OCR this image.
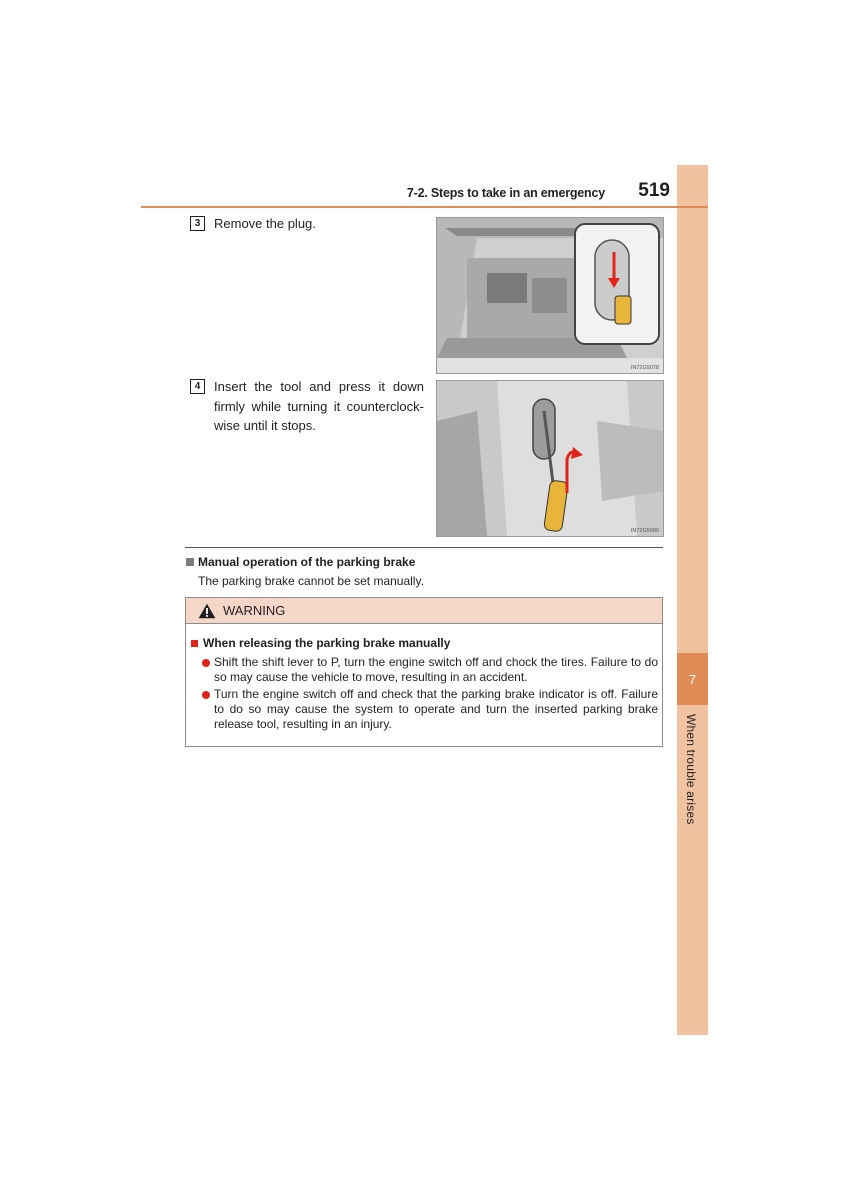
7
When trouble arises
7-2. Steps to take in an emergency 519
3	Remove the plug.
IN72G5078
4	Insert the tool and press it down firmly while turning it counterclock-wise until it stops.
IN72G5080
Manual operation of the parking brake
The parking brake cannot be set manually.
WARNING
When releasing the parking brake manually
Shift the shift lever to P, turn the engine switch off and chock the tires. Failure to do so may cause the vehicle to move, resulting in an accident.
Turn the engine switch off and check that the parking brake indicator is off. Failure to do so may cause the system to operate and turn the inserted parking brake release tool, resulting in an injury.
